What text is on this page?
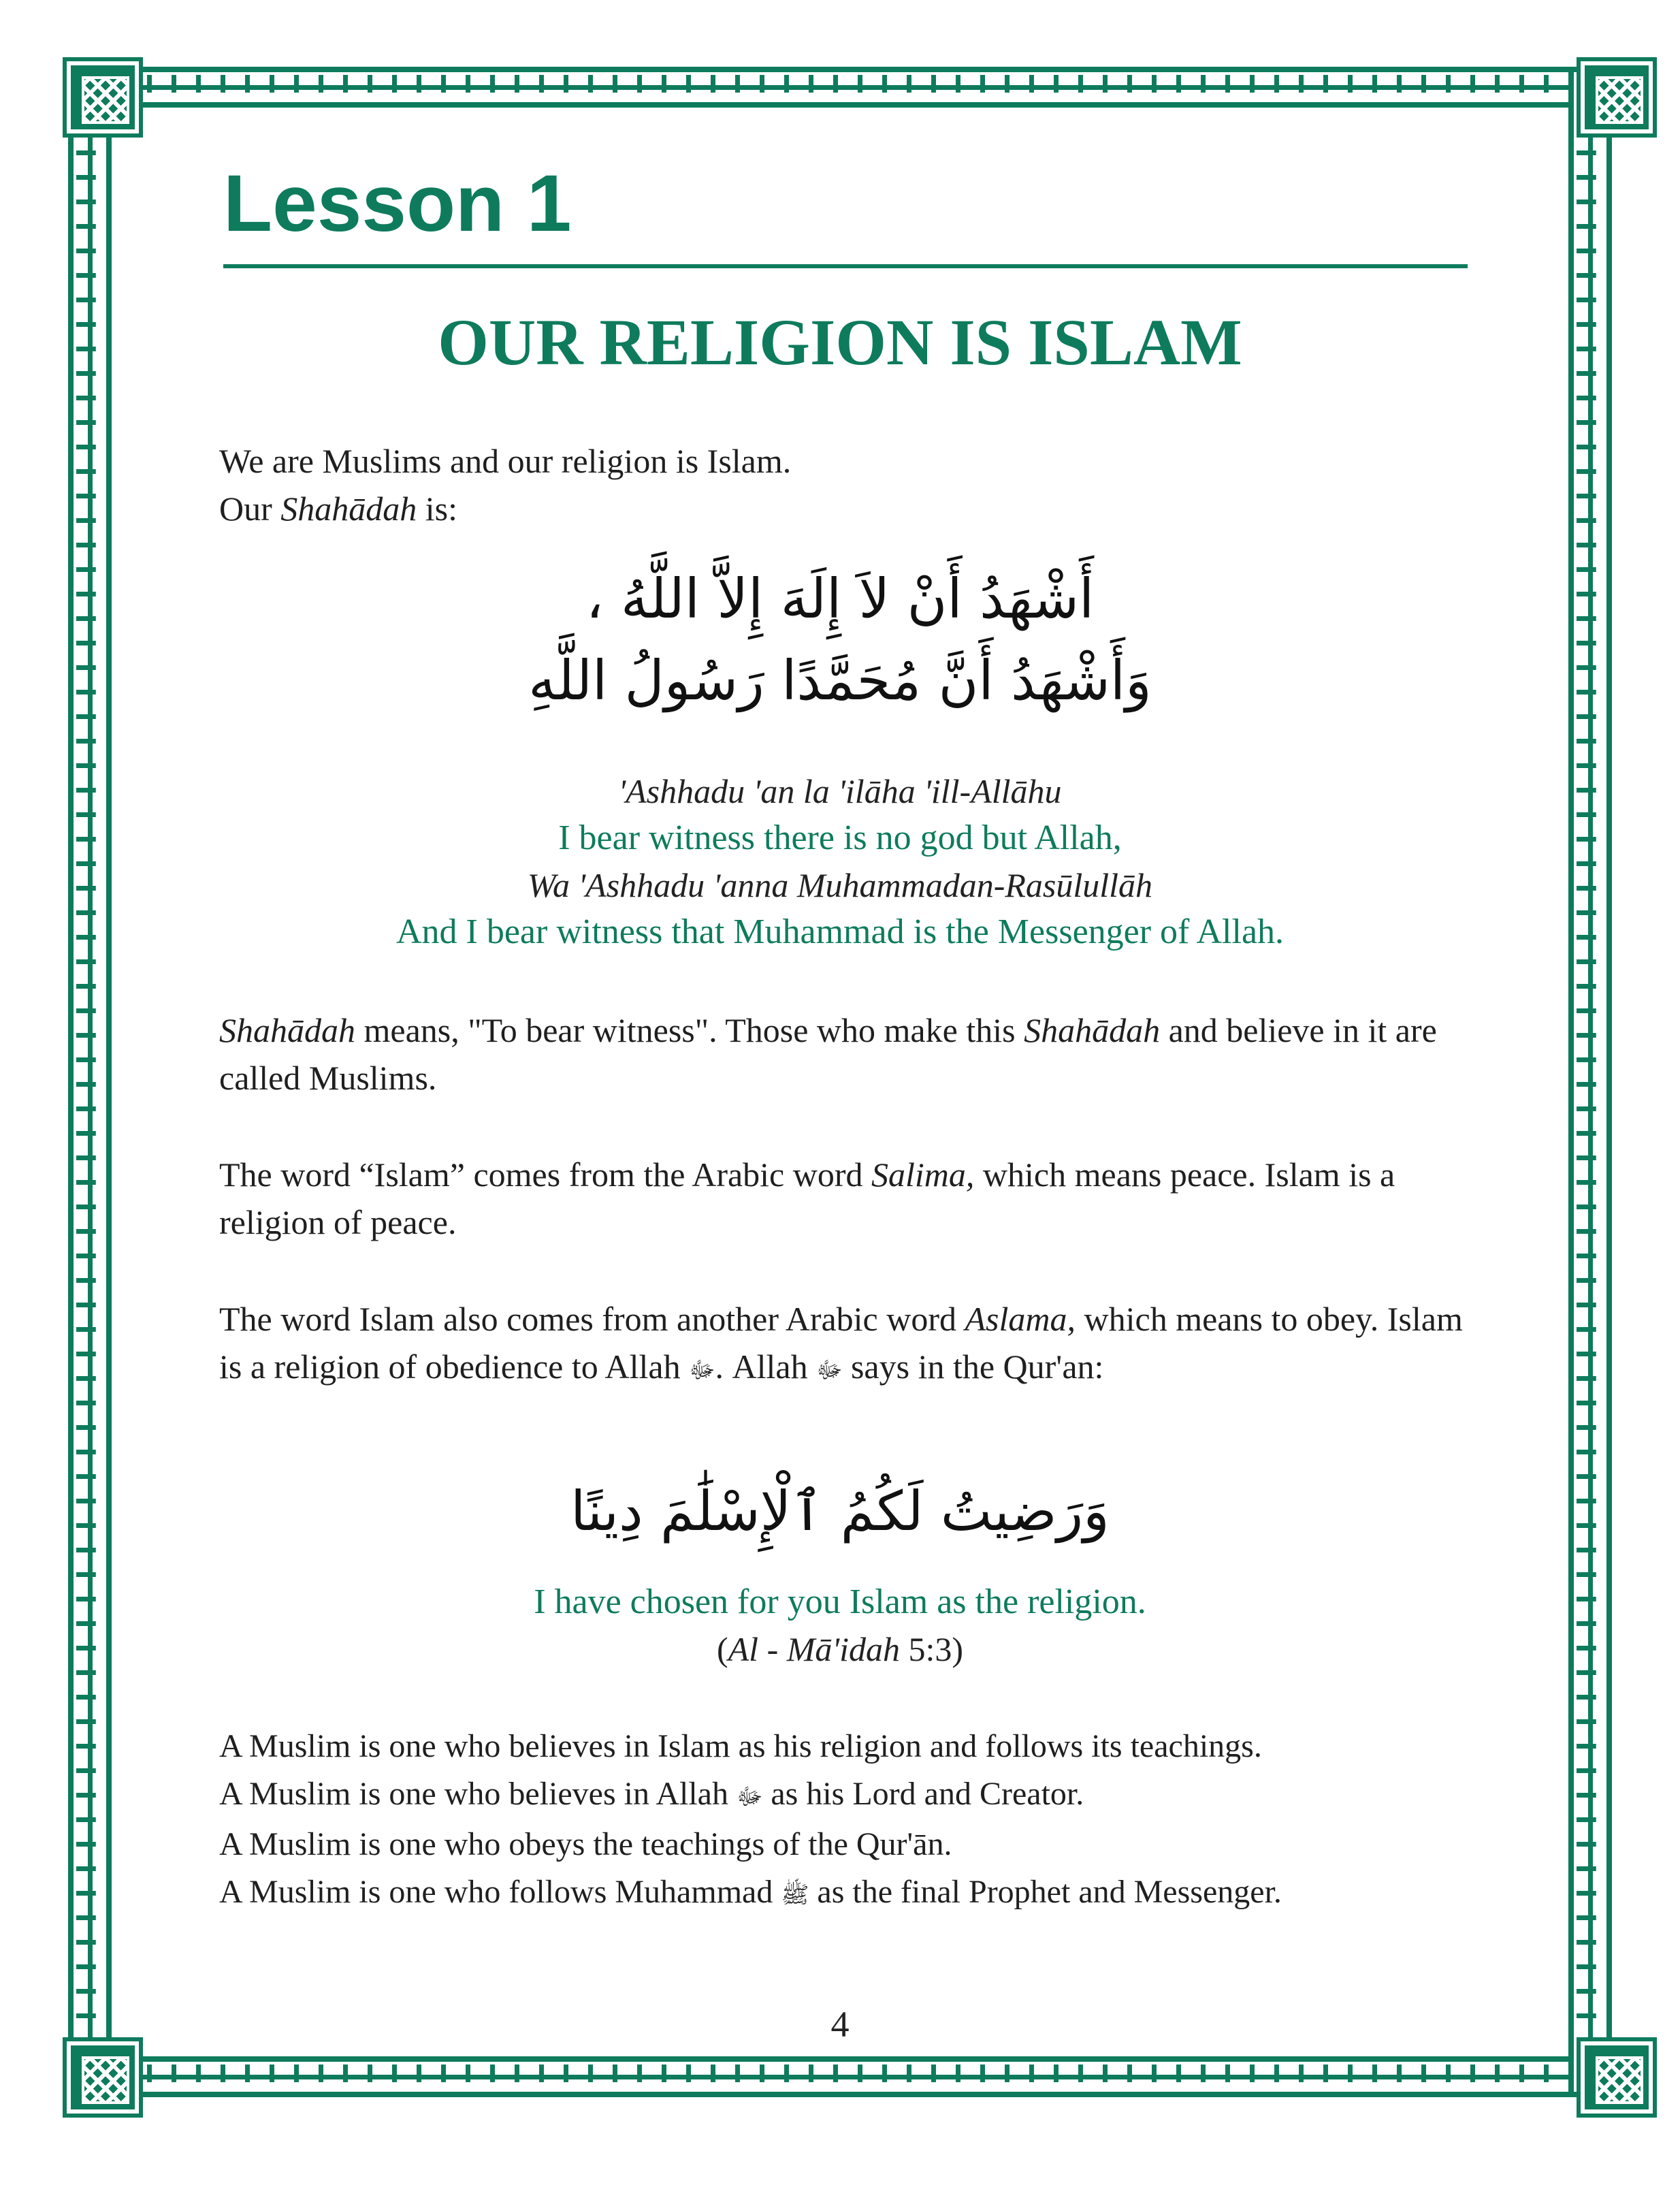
Lesson 1
OUR RELIGION IS ISLAM

We are Muslims and our religion is Islam.
Our Shahādah is:

أَشْهَدُ أَنْ لاَ إِلَهَ إِلاَّ اللَّهُ ،
وَأَشْهَدُ أَنَّ مُحَمَّدًا رَسُولُ اللَّهِ
'Ashhadu 'an la 'ilāha 'ill-Allāhu
I bear witness there is no god but Allah,
Wa 'Ashhadu 'anna Muhammadan-Rasūlullāh
And I bear witness that Muhammad is the Messenger of Allah.

Shahādah means, "To bear witness". Those who make this Shahādah and believe in it are called Muslims.

The word “Islam” comes from the Arabic word Salima, which means peace. Islam is a religion of peace.

The word Islam also comes from another Arabic word Aslama, which means to obey. Islam is a religion of obedience to Allah ﷻ. Allah ﷻ says in the Qur'an:

وَرَضِيتُ لَكُمُ ٱلْإِسْلَٰمَ دِينًا
I have chosen for you Islam as the religion.
(Al - Mā'idah 5:3)
A Muslim is one who believes in Islam as his religion and follows its teachings.
A Muslim is one who believes in Allah ﷻ as his Lord and Creator.
A Muslim is one who obeys the teachings of the Qur'ān.
A Muslim is one who follows Muhammad ﷺ as the final Prophet and Messenger.

4
